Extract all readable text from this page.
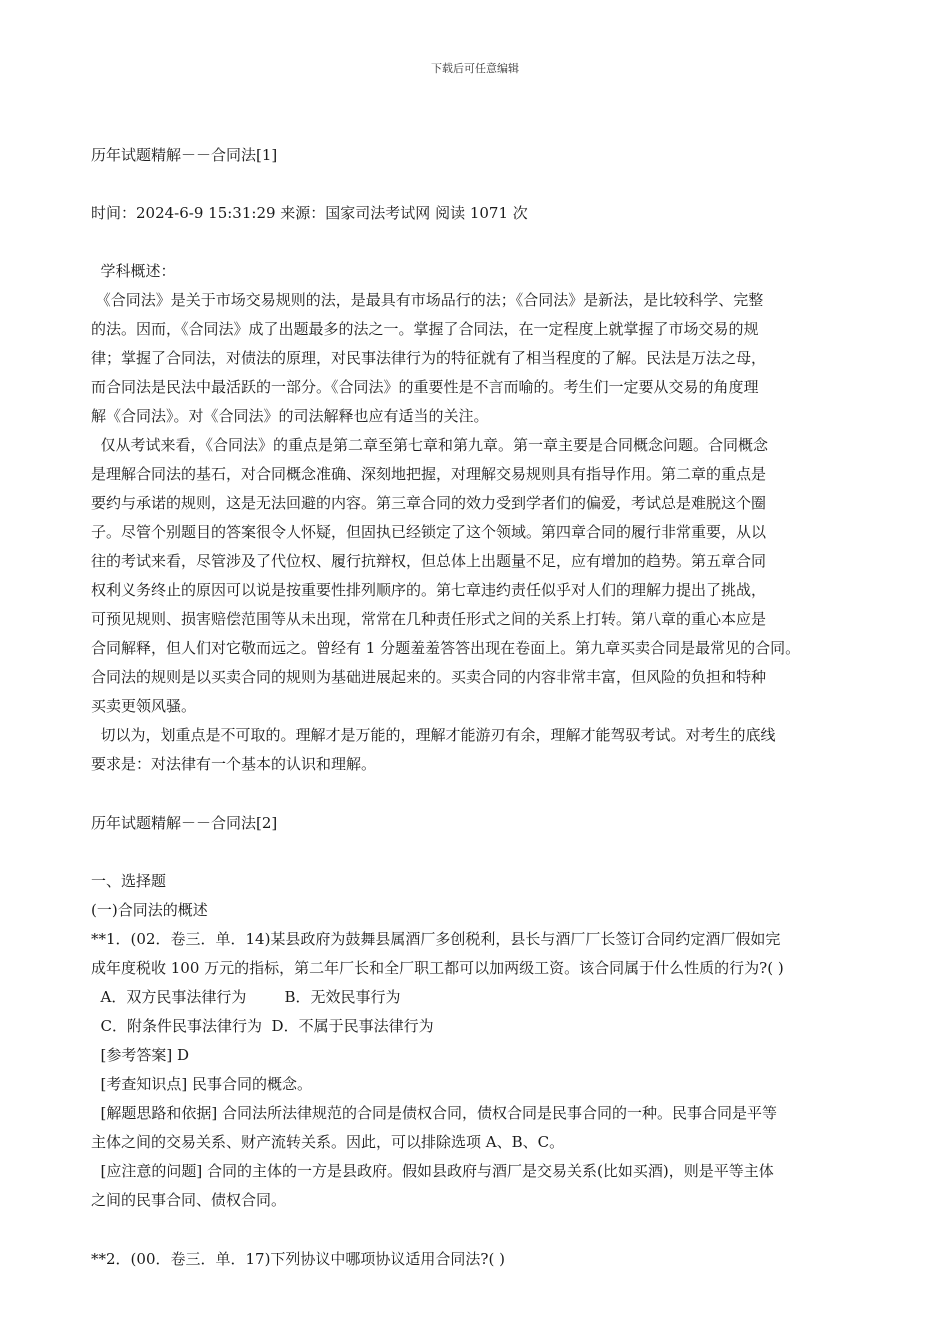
下载后可任意编辑
历年试题精解－－合同法[1]
时间：2024-6-9 15:31:29 来源：国家司法考试网 阅读 1071 次
学科概述：
《合同法》是关于市场交易规则的法，是最具有市场品行的法；《合同法》是新法，是比较科学、完整
的法。因而，《合同法》成了出题最多的法之一。掌握了合同法，在一定程度上就掌握了市场交易的规
律；掌握了合同法，对债法的原理，对民事法律行为的特征就有了相当程度的了解。民法是万法之母，
而合同法是民法中最活跃的一部分。《合同法》的重要性是不言而喻的。考生们一定要从交易的角度理
解《合同法》。对《合同法》的司法解释也应有适当的关注。
仅从考试来看，《合同法》的重点是第二章至第七章和第九章。第一章主要是合同概念问题。合同概念
是理解合同法的基石，对合同概念准确、深刻地把握，对理解交易规则具有指导作用。第二章的重点是
要约与承诺的规则，这是无法回避的内容。第三章合同的效力受到学者们的偏爱，考试总是难脱这个圈
子。尽管个别题目的答案很令人怀疑，但固执已经锁定了这个领域。第四章合同的履行非常重要，从以
往的考试来看，尽管涉及了代位权、履行抗辩权，但总体上出题量不足，应有增加的趋势。第五章合同
权利义务终止的原因可以说是按重要性排列顺序的。第七章违约责任似乎对人们的理解力提出了挑战，
可预见规则、损害赔偿范围等从未出现，常常在几种责任形式之间的关系上打转。第八章的重心本应是
合同解释，但人们对它敬而远之。曾经有 1 分题羞羞答答出现在卷面上。第九章买卖合同是最常见的合同。
合同法的规则是以买卖合同的规则为基础进展起来的。买卖合同的内容非常丰富，但风险的负担和特种
买卖更领风骚。
切以为，划重点是不可取的。理解才是万能的，理解才能游刃有余，理解才能驾驭考试。对考生的底线
要求是：对法律有一个基本的认识和理解。
历年试题精解－－合同法[2]
一、选择题
(一)合同法的概述
**1．(02．卷三．单．14)某县政府为鼓舞县属酒厂多创税利，县长与酒厂厂长签订合同约定酒厂假如完
成年度税收 100 万元的指标，第二年厂长和全厂职工都可以加两级工资。该合同属于什么性质的行为?( )
A．双方民事法律行为        B．无效民事行为
C．附条件民事法律行为  D．不属于民事法律行为
[参考答案] D
[考查知识点] 民事合同的概念。
[解题思路和依据] 合同法所法律规范的合同是债权合同，债权合同是民事合同的一种。民事合同是平等
主体之间的交易关系、财产流转关系。因此，可以排除选项 A、B、C。
[应注意的问题] 合同的主体的一方是县政府。假如县政府与酒厂是交易关系(比如买酒)，则是平等主体
之间的民事合同、债权合同。
**2．(00．卷三．单．17)下列协议中哪项协议适用合同法?( )
